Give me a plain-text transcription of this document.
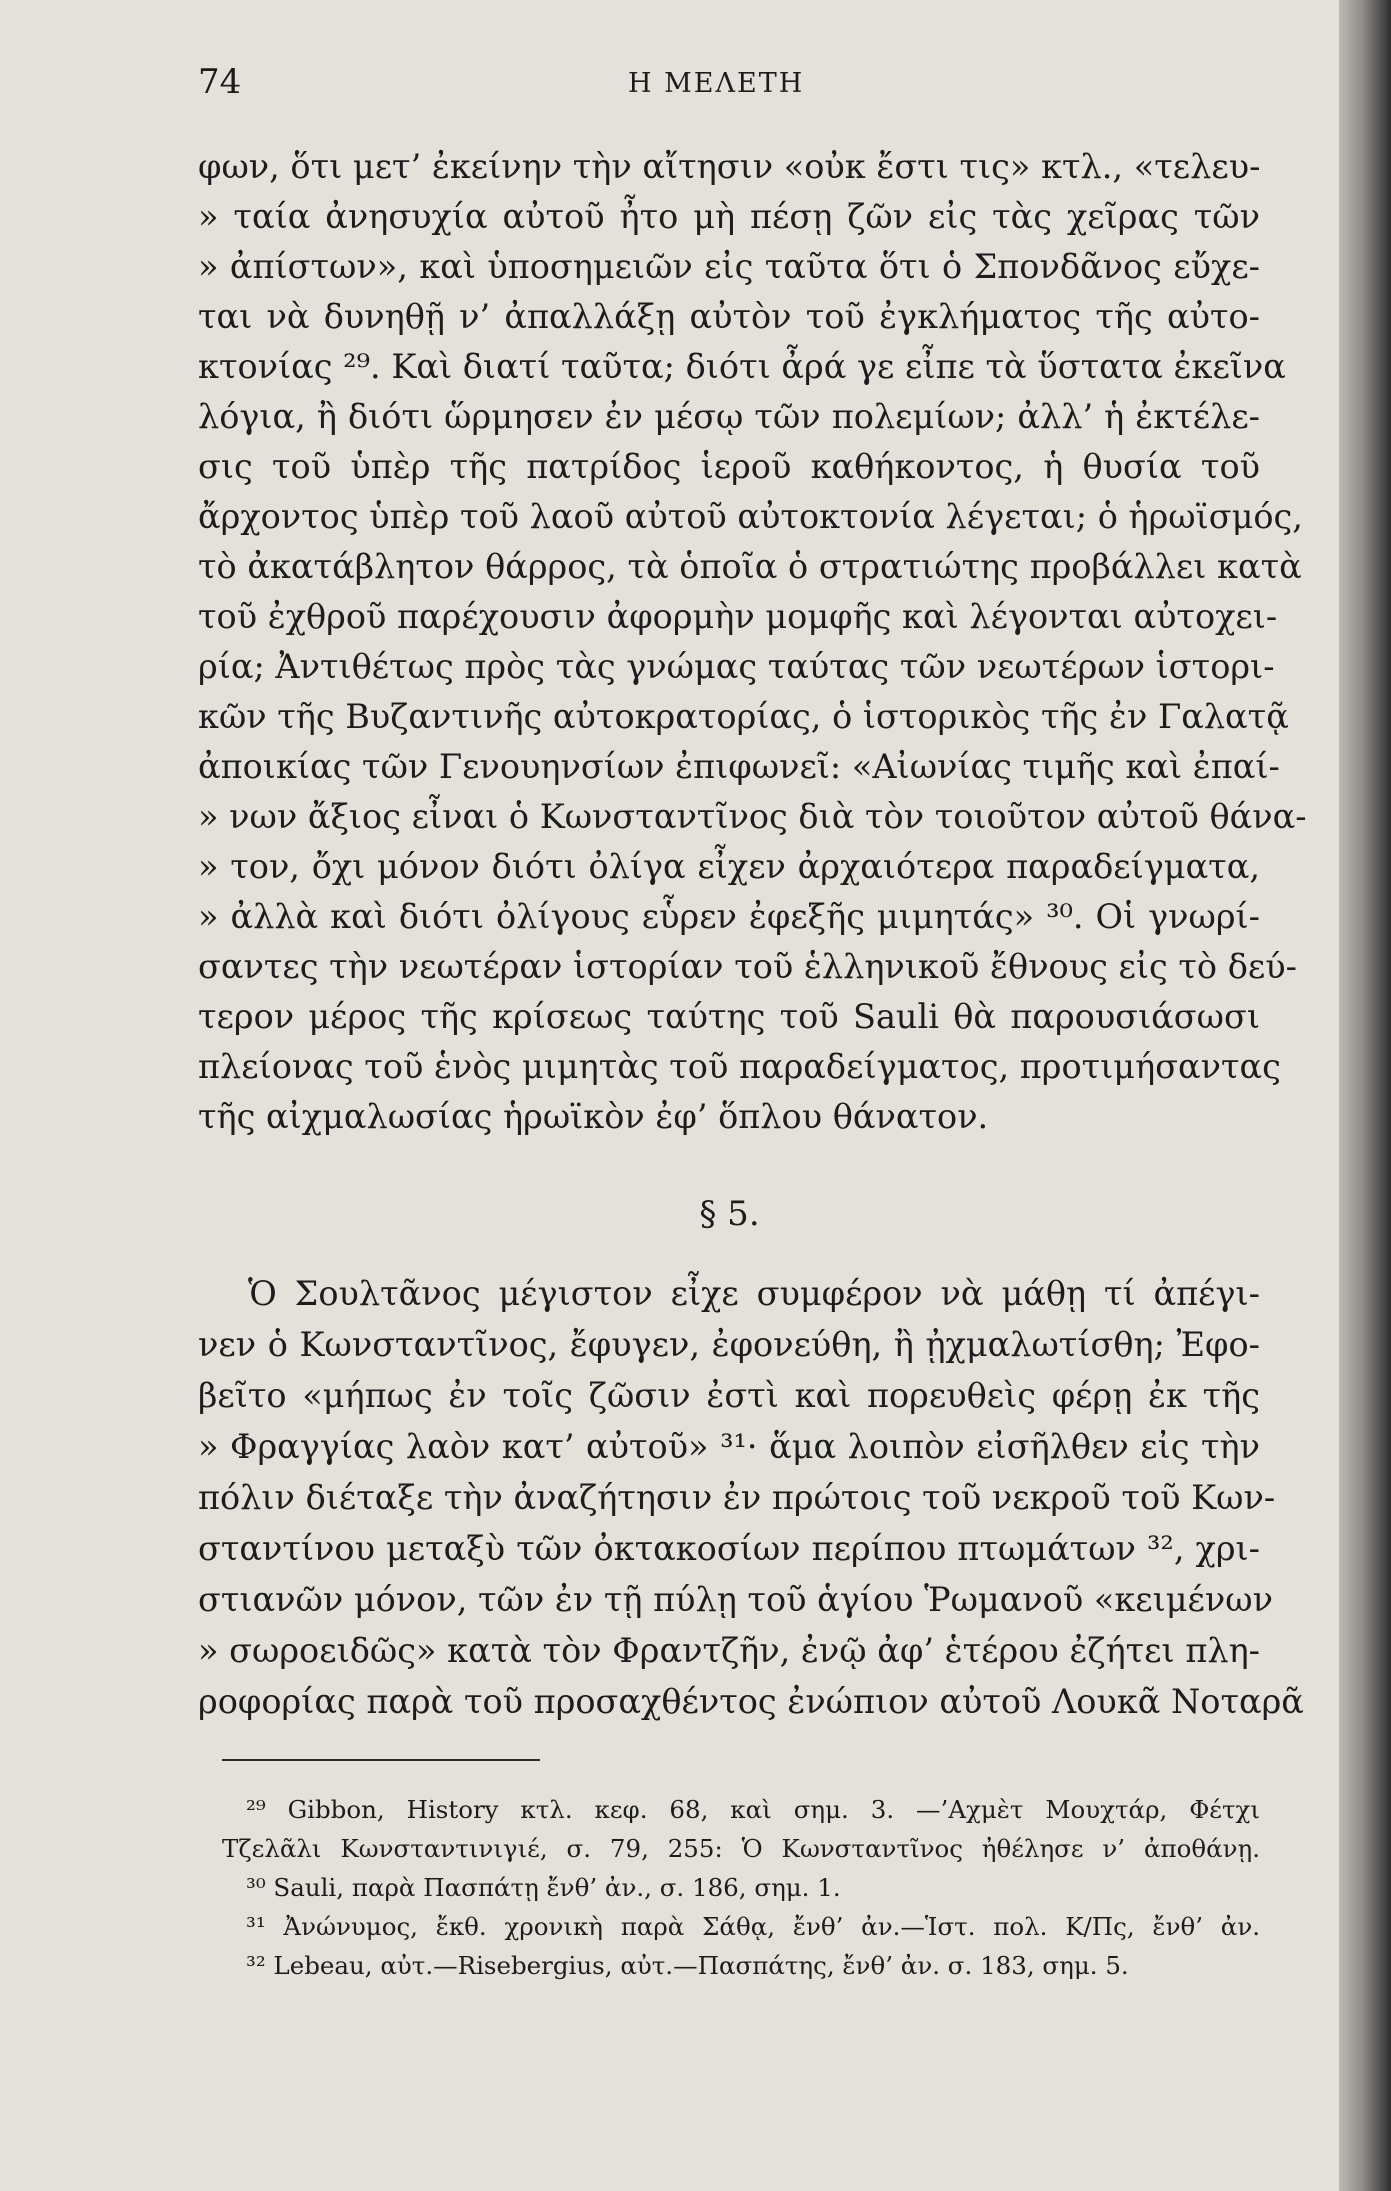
74	Η ΜΕΛΕΤΗ
φων, ὅτι μετ’ ἐκείνην τὴν αἴτησιν «οὐκ ἔστι τις» κτλ., «τελευ-
» ταία ἀνησυχία αὐτοῦ ἦτο μὴ πέσῃ ζῶν εἰς τὰς χεῖρας τῶν
» ἀπίστων», καὶ ὑποσημειῶν εἰς ταῦτα ὅτι ὁ Σπονδᾶνος εὔχε-
ται νὰ δυνηθῇ ν’ ἀπαλλάξῃ αὐτὸν τοῦ ἐγκλήματος τῆς αὐτο-
κτονίας ²⁹. Καὶ διατί ταῦτα; διότι ἆρά γε εἶπε τὰ ὕστατα ἐκεῖνα
λόγια, ἢ διότι ὥρμησεν ἐν μέσῳ τῶν πολεμίων; ἀλλ’ ἡ ἐκτέλε-
σις τοῦ ὑπὲρ τῆς πατρίδος ἱεροῦ καθήκοντος, ἡ θυσία τοῦ
ἄρχοντος ὑπὲρ τοῦ λαοῦ αὐτοῦ αὐτοκτονία λέγεται; ὁ ἡρωϊσμός,
τὸ ἀκατάβλητον θάρρος, τὰ ὁποῖα ὁ στρατιώτης προβάλλει κατὰ
τοῦ ἐχθροῦ παρέχουσιν ἀφορμὴν μομφῆς καὶ λέγονται αὐτοχει-
ρία; Ἀντιθέτως πρὸς τὰς γνώμας ταύτας τῶν νεωτέρων ἱστορι-
κῶν τῆς Βυζαντινῆς αὐτοκρατορίας, ὁ ἱστορικὸς τῆς ἐν Γαλατᾷ
ἀποικίας τῶν Γενουηνσίων ἐπιφωνεῖ: «Αἰωνίας τιμῆς καὶ ἐπαί-
» νων ἄξιος εἶναι ὁ Κωνσταντῖνος διὰ τὸν τοιοῦτον αὐτοῦ θάνα-
» τον, ὄχι μόνον διότι ὀλίγα εἶχεν ἀρχαιότερα παραδείγματα,
» ἀλλὰ καὶ διότι ὀλίγους εὗρεν ἐφεξῆς μιμητάς» ³⁰. Οἱ γνωρί-
σαντες τὴν νεωτέραν ἱστορίαν τοῦ ἑλληνικοῦ ἔθνους εἰς τὸ δεύ-
τερον μέρος τῆς κρίσεως ταύτης τοῦ Sauli θὰ παρουσιάσωσι
πλείονας τοῦ ἑνὸς μιμητὰς τοῦ παραδείγματος, προτιμήσαντας
τῆς αἰχμαλωσίας ἡρωϊκὸν ἐφ’ ὅπλου θάνατον.
§ 5.
Ὁ Σουλτᾶνος μέγιστον εἶχε συμφέρον νὰ μάθῃ τί ἀπέγι-
νεν ὁ Κωνσταντῖνος, ἔφυγεν, ἐφονεύθη, ἢ ᾐχμαλωτίσθη; Ἐφο-
βεῖτο «μήπως ἐν τοῖς ζῶσιν ἐστὶ καὶ πορευθεὶς φέρῃ ἐκ τῆς
» Φραγγίας λαὸν κατ’ αὐτοῦ» ³¹· ἅμα λοιπὸν εἰσῆλθεν εἰς τὴν
πόλιν διέταξε τὴν ἀναζήτησιν ἐν πρώτοις τοῦ νεκροῦ τοῦ Κων-
σταντίνου μεταξὺ τῶν ὀκτακοσίων περίπου πτωμάτων ³², χρι-
στιανῶν μόνον, τῶν ἐν τῇ πύλῃ τοῦ ἁγίου Ῥωμανοῦ «κειμένων
» σωροειδῶς» κατὰ τὸν Φραντζῆν, ἐνῷ ἀφ’ ἑτέρου ἐζήτει πλη-
ροφορίας παρὰ τοῦ προσαχθέντος ἐνώπιον αὐτοῦ Λουκᾶ Νοταρᾶ
²⁹ Gibbon, History κτλ. κεφ. 68, καὶ σημ. 3. —’Αχμὲτ Μουχτάρ, Φέτχι
Τζελᾶλι Κωνσταντινιγιέ, σ. 79, 255: Ὁ Κωνσταντῖνος ἠθέλησε ν’ ἀποθάνῃ.
³⁰ Sauli, παρὰ Πασπάτῃ ἔνθ’ ἀν., σ. 186, σημ. 1.
³¹ Ἀνώνυμος, ἔκθ. χρονικὴ παρὰ Σάθᾳ, ἔνθ’ ἀν.—Ἱστ. πολ. Κ/Πς, ἔνθ’ ἀν.
³² Lebeau, αὐτ.—Risebergius, αὐτ.—Πασπάτης, ἔνθ’ ἀν. σ. 183, σημ. 5.
